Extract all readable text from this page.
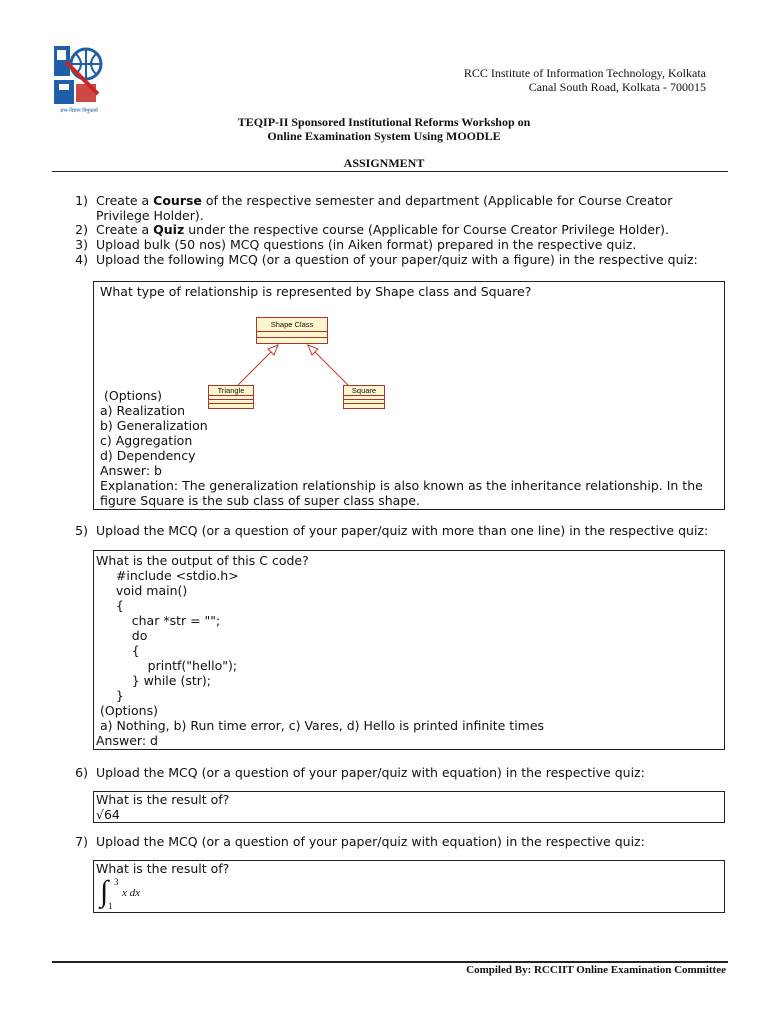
ज्ञान-विज्ञान विमुक्तये
RCC Institute of Information Technology, Kolkata
Canal South Road, Kolkata - 700015
TEQIP-II Sponsored Institutional Reforms Workshop on
Online Examination System Using MOODLE
ASSIGNMENT
1) Create a Course of the respective semester and department (Applicable for Course Creator
Privilege Holder).
2) Create a Quiz under the respective course (Applicable for Course Creator Privilege Holder).
3) Upload bulk (50 nos) MCQ questions (in Aiken format) prepared in the respective quiz.
4) Upload the following MCQ (or a question of your paper/quiz with a figure) in the respective quiz:
What type of relationship is represented by Shape class and Square?
Shape Class
Triangle	Square
(Options)
a) Realization
b) Generalization
c) Aggregation
d) Dependency
Answer: b
Explanation: The generalization relationship is also known as the inheritance relationship. In the
figure Square is the sub class of super class shape.
5) Upload the MCQ (or a question of your paper/quiz with more than one line) in the respective quiz:
What is the output of this C code?
#include <stdio.h>
void main()
{
char *str = "";
do
{
printf("hello");
} while (str);
}
(Options)
a) Nothing, b) Run time error, c) Vares, d) Hello is printed infinite times
Answer: d
6) Upload the MCQ (or a question of your paper/quiz with equation) in the respective quiz:
What is the result of?
√64
7) Upload the MCQ (or a question of your paper/quiz with equation) in the respective quiz:
What is the result of?
∫ 3
1
x dx
Compiled By: RCCIIT Online Examination Committee
